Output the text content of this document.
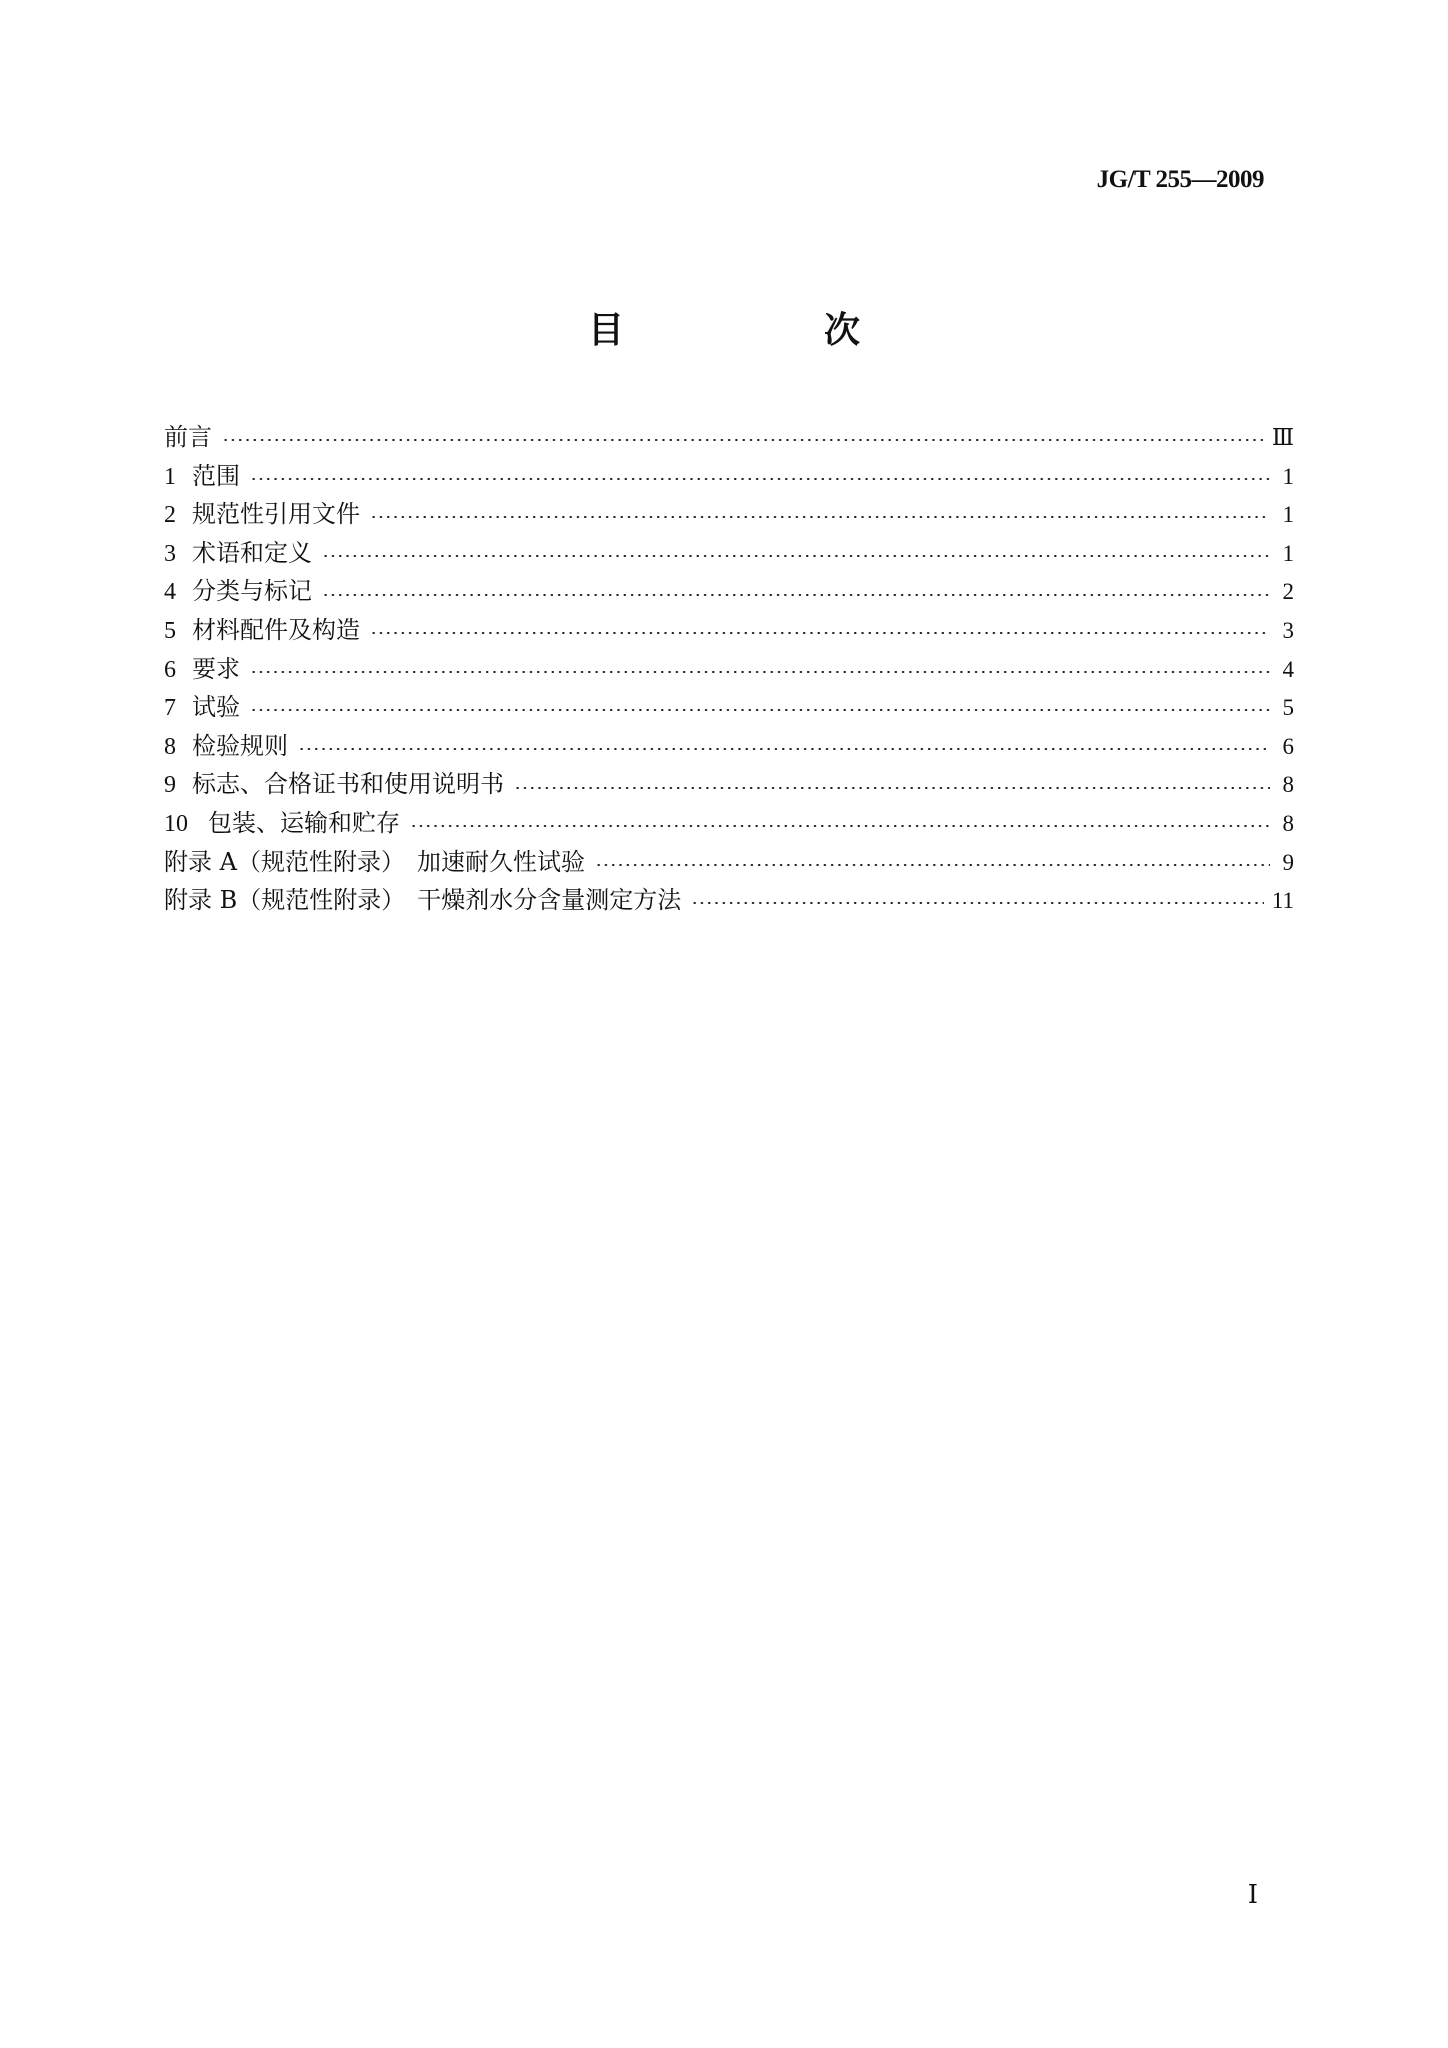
JG/T 255—2009
目　次
前言	Ⅲ
1 范围	1
2 规范性引用文件	1
3 术语和定义	1
4 分类与标记	2
5 材料配件及构造	3
6 要求	4
7 试验	5
8 检验规则	6
9 标志、合格证书和使用说明书	8
10 包装、运输和贮存	8
附录 A（规范性附录）　加速耐久性试验	9
附录 B（规范性附录）　干燥剂水分含量测定方法	11
Ⅰ
